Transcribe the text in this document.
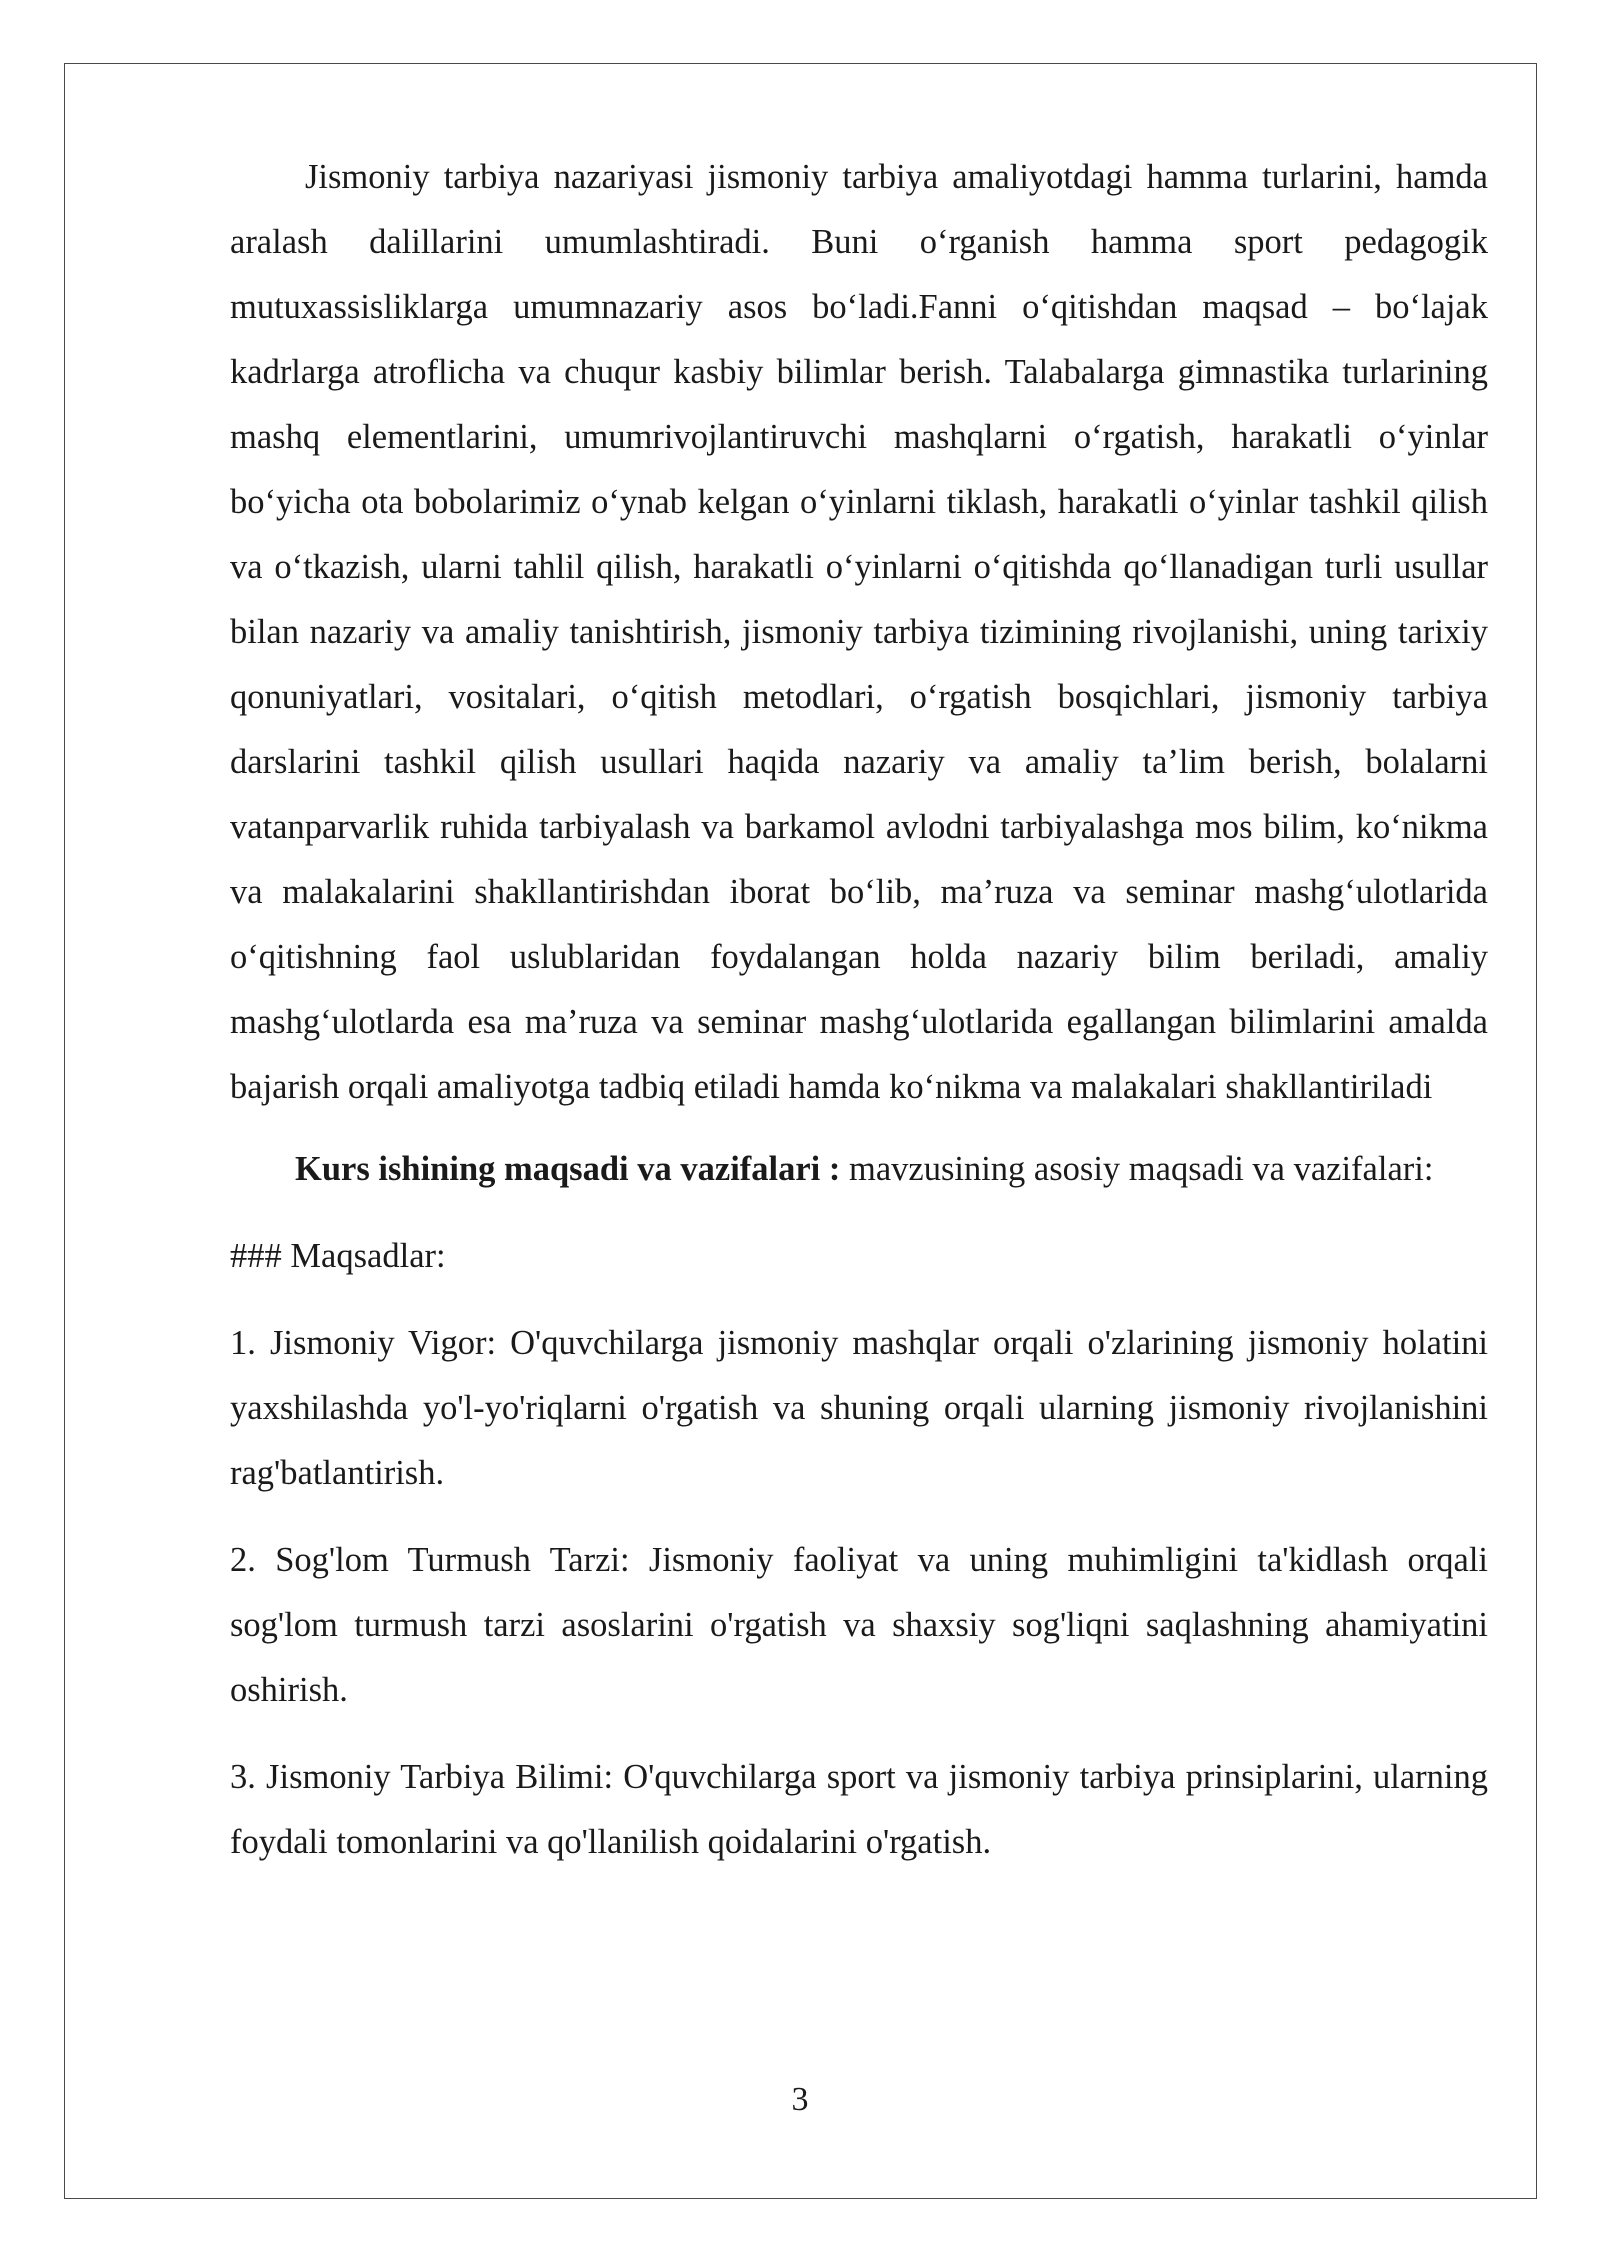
Jismoniy tarbiya nazariyasi jismoniy tarbiya amaliyotdagi hamma turlarini, hamda aralash dalillarini umumlashtiradi. Buni o‘rganish hamma sport pedagogik mutuxassisliklarga umumnazariy asos bo‘ladi.Fanni o‘qitishdan maqsad – bo‘lajak kadrlarga atroflicha va chuqur kasbiy bilimlar berish. Talabalarga gimnastika turlarining mashq elementlarini, umumrivojlantiruvchi mashqlarni o‘rgatish, harakatli o‘yinlar bo‘yicha ota bobolarimiz o‘ynab kelgan o‘yinlarni tiklash, harakatli o‘yinlar tashkil qilish va o‘tkazish, ularni tahlil qilish, harakatli o‘yinlarni o‘qitishda qo‘llanadigan turli usullar bilan nazariy va amaliy tanishtirish, jismoniy tarbiya tizimining rivojlanishi, uning tarixiy qonuniyatlari, vositalari, o‘qitish metodlari, o‘rgatish bosqichlari, jismoniy tarbiya darslarini tashkil qilish usullari haqida nazariy va amaliy ta’lim berish, bolalarni vatanparvarlik ruhida tarbiyalash va barkamol avlodni tarbiyalashga mos bilim, ko‘nikma va malakalarini shakllantirishdan iborat bo‘lib, ma’ruza va seminar mashg‘ulotlarida o‘qitishning faol uslublaridan foydalangan holda nazariy bilim beriladi, amaliy mashg‘ulotlarda esa ma’ruza va seminar mashg‘ulotlarida egallangan bilimlarini amalda bajarish orqali amaliyotga tadbiq etiladi hamda ko‘nikma va malakalari shakllantiriladi

Kurs ishining maqsadi va vazifalari : mavzusining asosiy maqsadi va vazifalari:

### Maqsadlar:

1. Jismoniy Vigor: O'quvchilarga jismoniy mashqlar orqali o'zlarining jismoniy holatini yaxshilashda yo'l-yo'riqlarni o'rgatish va shuning orqali ularning jismoniy rivojlanishini rag'batlantirish.

2. Sog'lom Turmush Tarzi: Jismoniy faoliyat va uning muhimligini ta'kidlash orqali sog'lom turmush tarzi asoslarini o'rgatish va shaxsiy sog'liqni saqlashning ahamiyatini oshirish.

3. Jismoniy Tarbiya Bilimi: O'quvchilarga sport va jismoniy tarbiya prinsiplarini, ularning foydali tomonlarini va qo'llanilish qoidalarini o'rgatish.

3
